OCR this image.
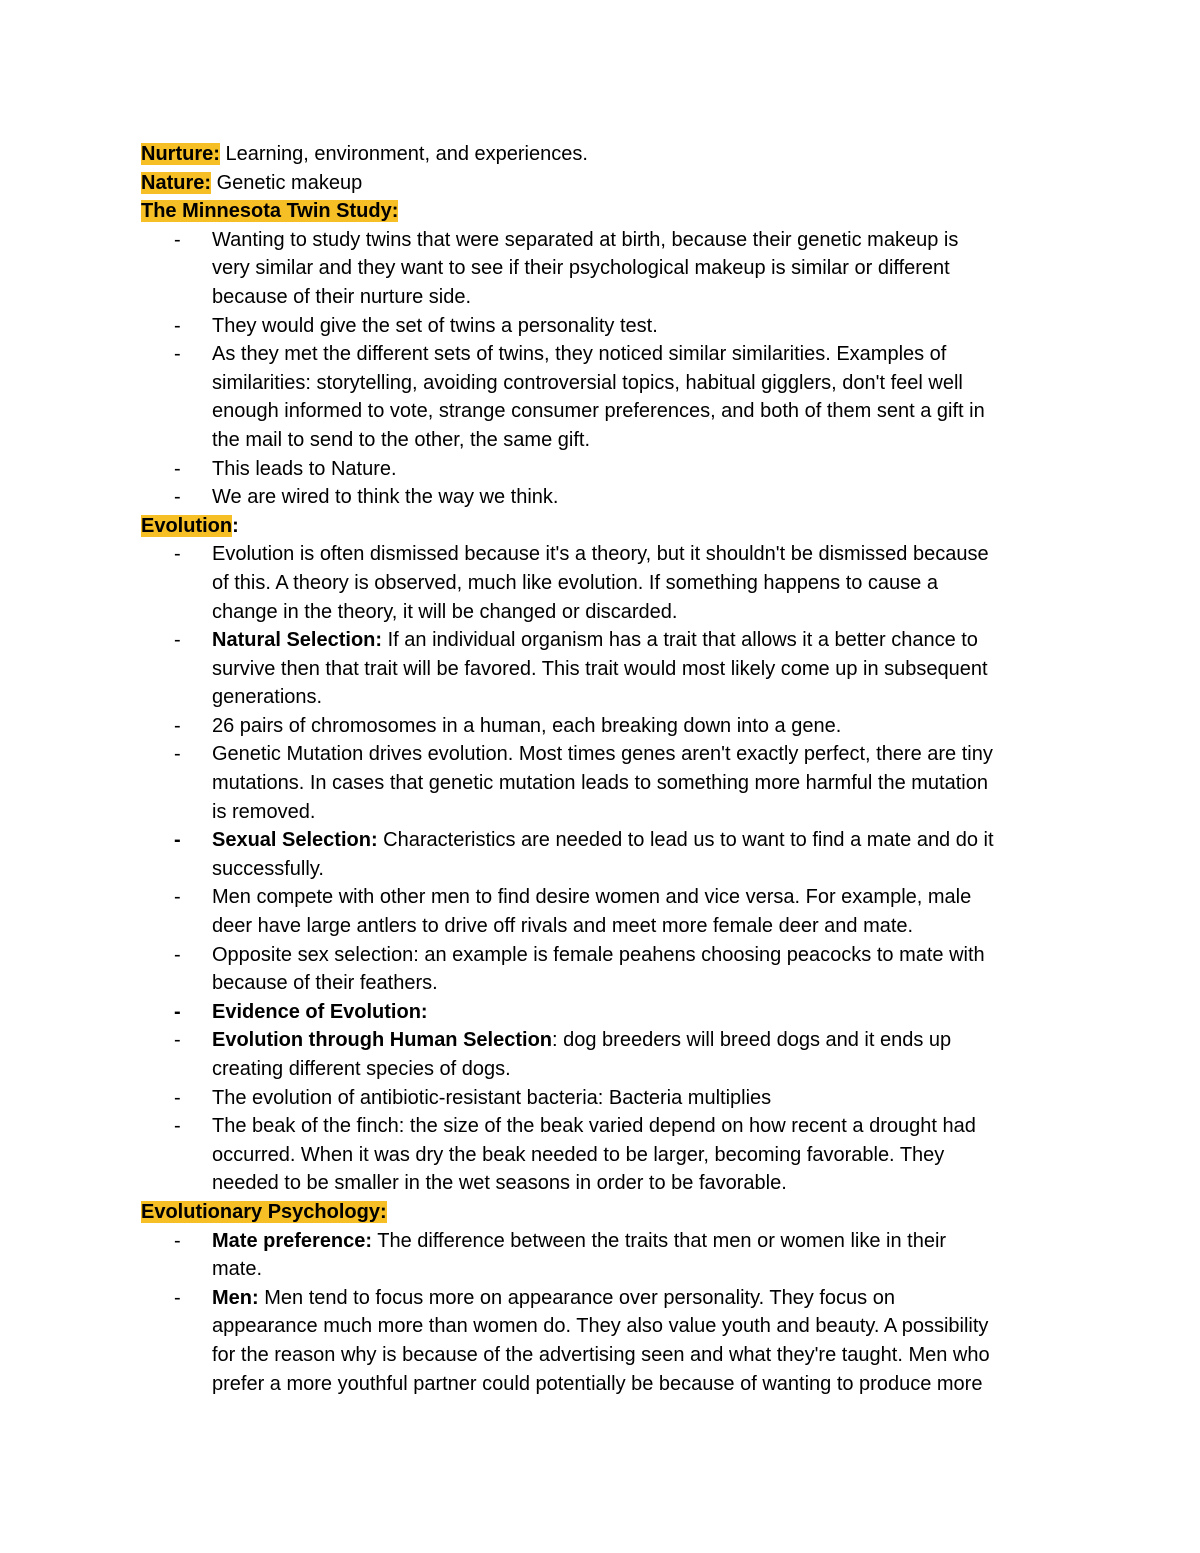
Nurture: Learning, environment, and experiences.

Nature: Genetic makeup

The Minnesota Twin Study:

- Wanting to study twins that were separated at birth, because their genetic makeup is
very similar and they want to see if their psychological makeup is similar or different
because of their nurture side.
- They would give the set of twins a personality test.
- As they met the different sets of twins, they noticed similar similarities. Examples of
similarities: storytelling, avoiding controversial topics, habitual gigglers, don't feel well
enough informed to vote, strange consumer preferences, and both of them sent a gift in
the mail to send to the other, the same gift.
- This leads to Nature.
- We are wired to think the way we think.

Evolution:

- Evolution is often dismissed because it's a theory, but it shouldn't be dismissed because
of this. A theory is observed, much like evolution. If something happens to cause a
change in the theory, it will be changed or discarded.
- Natural Selection: If an individual organism has a trait that allows it a better chance to
survive then that trait will be favored. This trait would most likely come up in subsequent
generations.
- 26 pairs of chromosomes in a human, each breaking down into a gene.
- Genetic Mutation drives evolution. Most times genes aren't exactly perfect, there are tiny
mutations. In cases that genetic mutation leads to something more harmful the mutation
is removed.
- Sexual Selection: Characteristics are needed to lead us to want to find a mate and do it
successfully.
- Men compete with other men to find desire women and vice versa. For example, male
deer have large antlers to drive off rivals and meet more female deer and mate.
- Opposite sex selection: an example is female peahens choosing peacocks to mate with
because of their feathers.
- Evidence of Evolution:
- Evolution through Human Selection: dog breeders will breed dogs and it ends up
creating different species of dogs.
- The evolution of antibiotic-resistant bacteria: Bacteria multiplies
- The beak of the finch: the size of the beak varied depend on how recent a drought had
occurred. When it was dry the beak needed to be larger, becoming favorable. They
needed to be smaller in the wet seasons in order to be favorable.

Evolutionary Psychology:

- Mate preference: The difference between the traits that men or women like in their
mate.
- Men: Men tend to focus more on appearance over personality. They focus on
appearance much more than women do. They also value youth and beauty. A possibility
for the reason why is because of the advertising seen and what they're taught. Men who
prefer a more youthful partner could potentially be because of wanting to produce more
